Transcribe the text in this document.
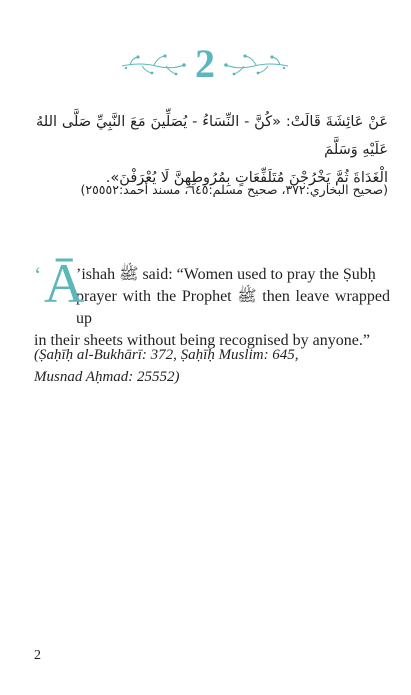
2

عَنْ عَائِشَةَ قَالَتْ: «كُنَّ - النِّسَاءُ - يُصَلِّينَ مَعَ النَّبِيِّ صَلَّى اللهُ عَلَيْهِ وَسَلَّمَ
الْغَدَاةَ ثُمَّ يَخْرُجْنَ مُتَلَفِّعَاتٍ بِمُرُوطِهِنَّ لَا يُعْرَفْنَ».

(صحيح البخاري:٣٧٢، صحيح مسلم:٦٤٥، مسند أحمد:٢٥٥٥٢)

‘ Ā

’ishah ﷺ said: “Women used to pray the Ṣubḥ
prayer with the Prophet ﷺ then leave wrapped up
in their sheets without being recognised by anyone.”

(Ṣaḥīḥ al-Bukhārī: 372, Ṣaḥīḥ Muslim: 645,
Musnad Aḥmad: 25552)

2
